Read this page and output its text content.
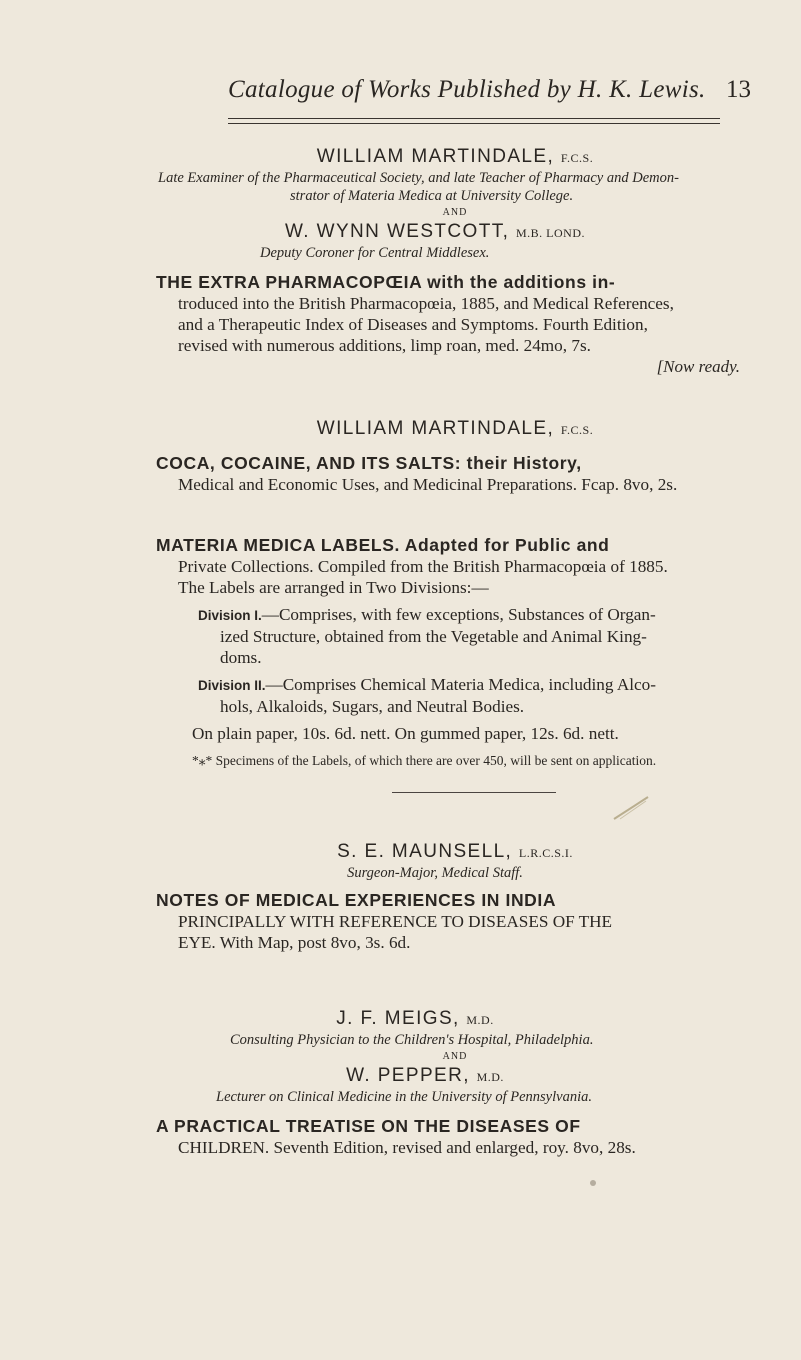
Catalogue of Works Published by H. K. Lewis. 13
WILLIAM MARTINDALE, F.C.S.
Late Examiner of the Pharmaceutical Society, and late Teacher of Pharmacy and Demon-
strator of Materia Medica at University College.
AND
W. WYNN WESTCOTT, M.B. LOND.
Deputy Coroner for Central Middlesex.
THE EXTRA PHARMACOPŒIA with the additions in-
troduced into the British Pharmacopœia, 1885, and Medical References,
and a Therapeutic Index of Diseases and Symptoms. Fourth Edition,
revised with numerous additions, limp roan, med. 24mo, 7s.
[Now ready.
WILLIAM MARTINDALE, F.C.S.
COCA, COCAINE, AND ITS SALTS: their History,
Medical and Economic Uses, and Medicinal Preparations. Fcap. 8vo, 2s.
MATERIA MEDICA LABELS. Adapted for Public and
Private Collections. Compiled from the British Pharmacopœia of 1885.
The Labels are arranged in Two Divisions:—
Division I.—Comprises, with few exceptions, Substances of Organ-
ized Structure, obtained from the Vegetable and Animal King-
doms.
Division II.—Comprises Chemical Materia Medica, including Alco-
hols, Alkaloids, Sugars, and Neutral Bodies.
On plain paper, 10s. 6d. nett. On gummed paper, 12s. 6d. nett.
*⁎* Specimens of the Labels, of which there are over 450, will be sent on application.
S. E. MAUNSELL, L.R.C.S.I.
Surgeon-Major, Medical Staff.
NOTES OF MEDICAL EXPERIENCES IN INDIA
PRINCIPALLY WITH REFERENCE TO DISEASES OF THE
EYE. With Map, post 8vo, 3s. 6d.
J. F. MEIGS, M.D.
Consulting Physician to the Children's Hospital, Philadelphia.
AND
W. PEPPER, M.D.
Lecturer on Clinical Medicine in the University of Pennsylvania.
A PRACTICAL TREATISE ON THE DISEASES OF
CHILDREN. Seventh Edition, revised and enlarged, roy. 8vo, 28s.
